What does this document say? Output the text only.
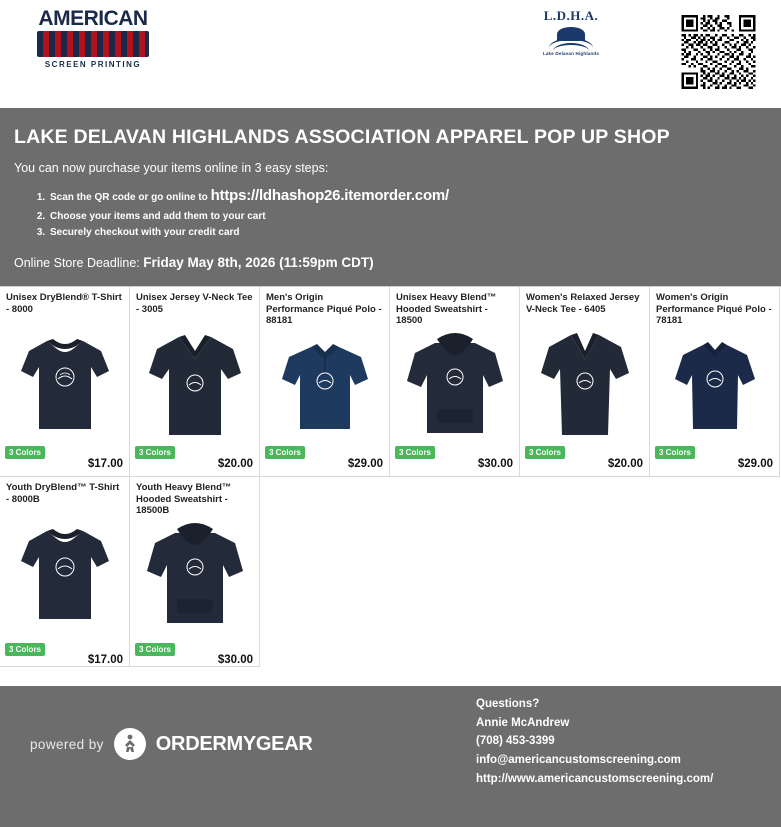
AMERICAN
SCREEN PRINTING
L.D.H.A.
Lake Delavan Highlands
LAKE DELAVAN HIGHLANDS ASSOCIATION APPAREL POP UP SHOP
You can now purchase your items online in 3 easy steps:
1. Scan the QR code or go online to https://ldhashop26.itemorder.com/
2. Choose your items and add them to your cart
3. Securely checkout with your credit card
Online Store Deadline: Friday May 8th, 2026 (11:59pm CDT)
Unisex DryBlend® T-Shirt - 8000
3 Colors
$17.00
Unisex Jersey V-Neck Tee - 3005
3 Colors
$20.00
Men's Origin Performance Piqué Polo - 88181
3 Colors
$29.00
Unisex Heavy Blend™ Hooded Sweatshirt - 18500
3 Colors
$30.00
Women's Relaxed Jersey V-Neck Tee - 6405
3 Colors
$20.00
Women's Origin Performance Piqué Polo - 78181
3 Colors
$29.00
Youth DryBlend™ T-Shirt - 8000B
3 Colors
$17.00
Youth Heavy Blend™ Hooded Sweatshirt - 18500B
3 Colors
$30.00
powered by	ORDERMYGEAR
Questions?
Annie McAndrew
(708) 453-3399
info@americancustomscreening.com
http://www.americancustomscreening.com/
